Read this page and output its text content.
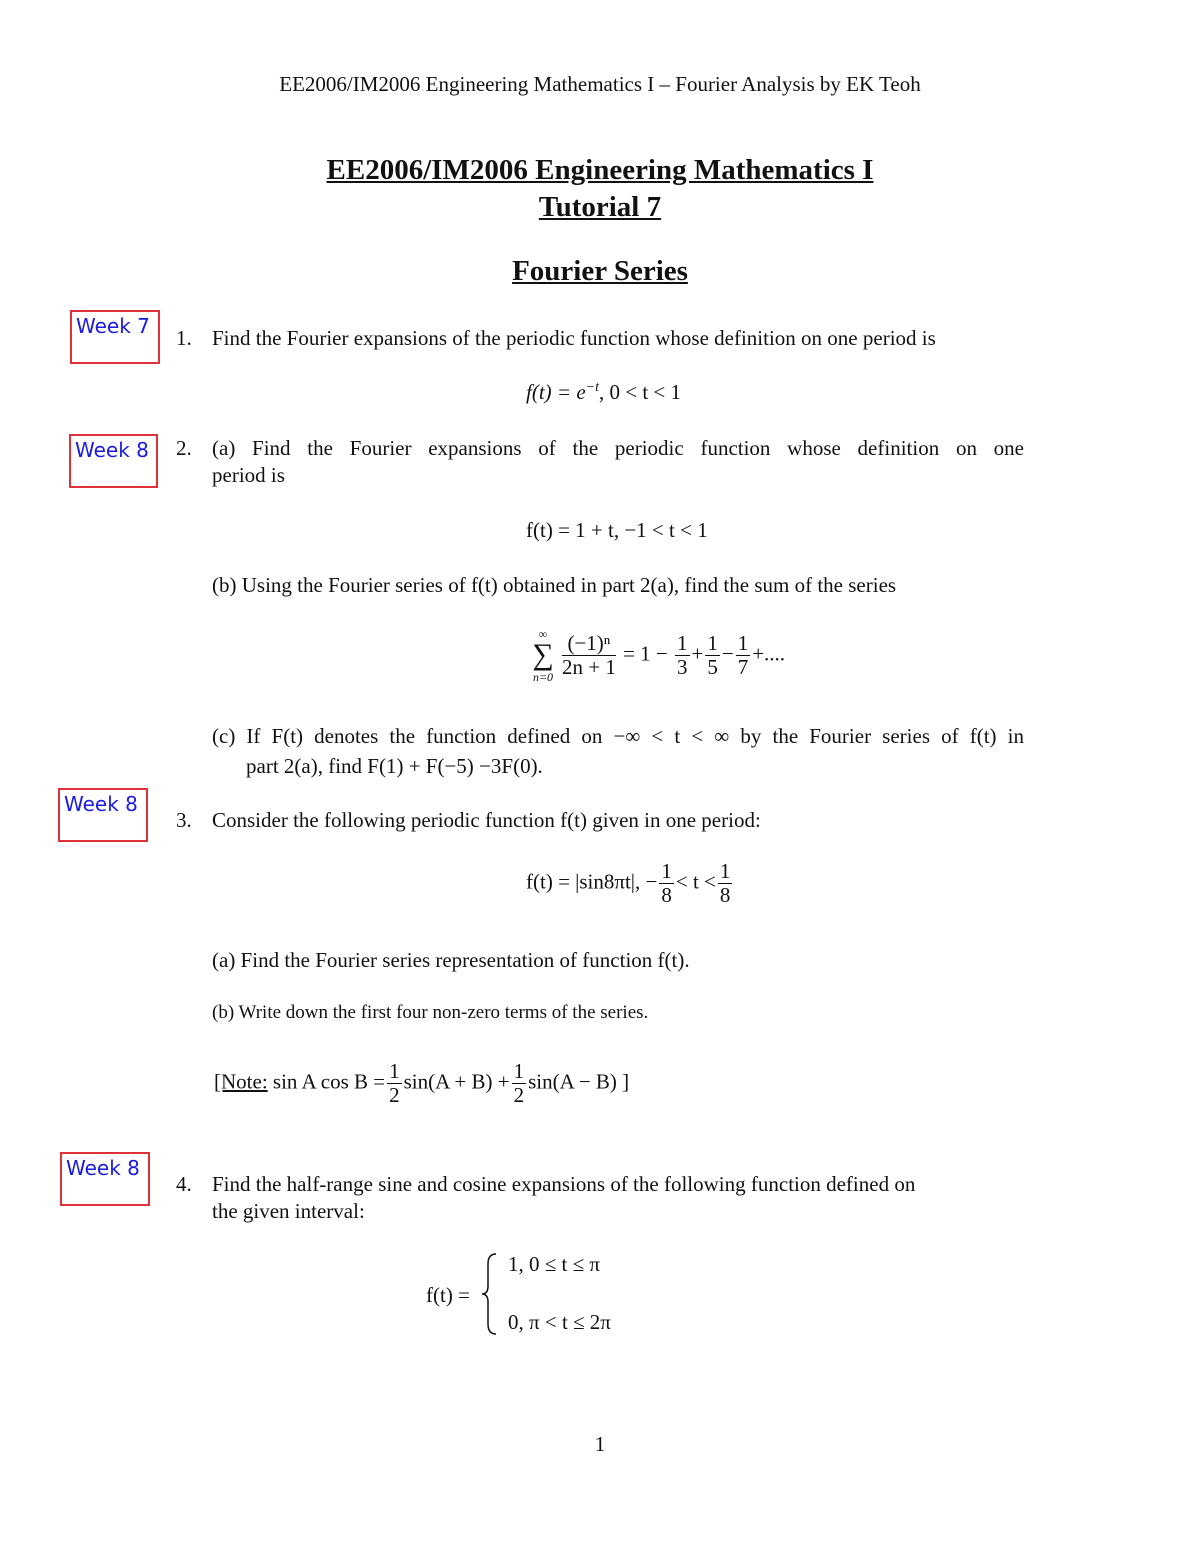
EE2006/IM2006 Engineering Mathematics I – Fourier Analysis by EK Teoh
EE2006/IM2006 Engineering Mathematics I
Tutorial 7
Fourier Series
Week 7
Week 8
Week 8
Week 8
1. Find the Fourier expansions of the periodic function whose definition on one period is
$f(t) = e^{-t}$, 0 < t < 1
2. (a) Find the Fourier expansions of the periodic function whose definition on one
period is
f(t) = 1 + t, −1 < t < 1
(b) Using the Fourier series of f(t) obtained in part 2(a), find the sum of the series
∞
∑
$n=0 \frac{\text{(−1)ⁿ}}{2n + 1} = 1 - \frac{1}{3} + \frac{1}{5} - \frac{1}{7}$ +....
(c) If F(t) denotes the function defined on −∞ < t < ∞ by the Fourier series of f(t) in
part 2(a), find F(1) + F(−5) −3F(0).
3. Consider the following periodic function f(t) given in one period:
f(t) = |sin8πt|, − $\frac{1}{8} < t < \frac{1}{8}$
(a) Find the Fourier series representation of function f(t).
(b) Write down the first four non-zero terms of the series.
[Note: sin A $\cos B = \frac{1}{2} \sin(A + B) + \frac{1}{2} \sin(A - B)$ ]
4. Find the half-range sine and cosine expansions of the following function defined on
the given interval:
f(t) =
1, 0 ≤ t ≤ π
0, π < t ≤ 2π
1
